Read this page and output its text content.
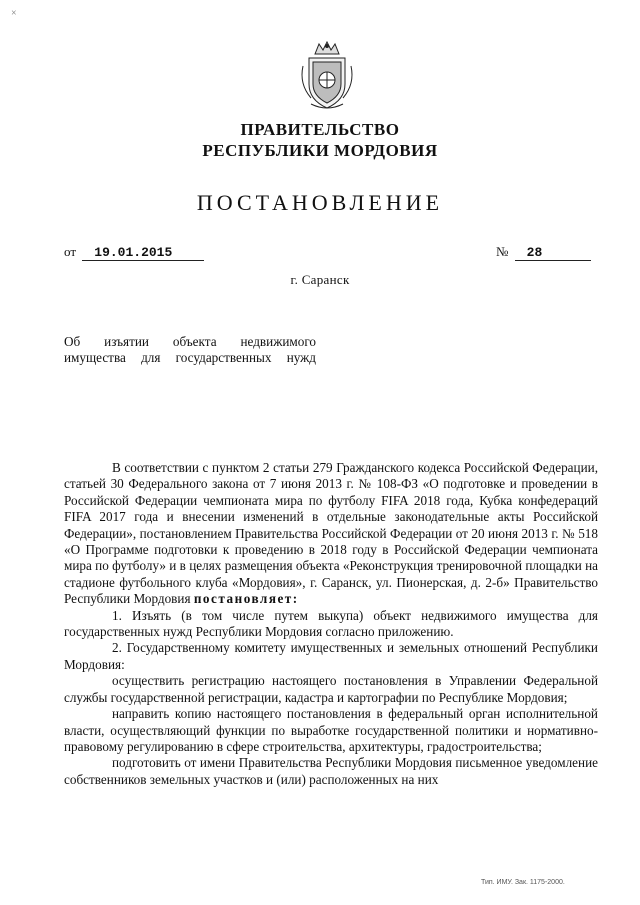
×
ПРАВИТЕЛЬСТВО
РЕСПУБЛИКИ МОРДОВИЯ
ПОСТАНОВЛЕНИЕ
от 19.01.2015	№ 28
г. Саранск
Об изъятии объекта недвижимого имущества для государственных нужд

В соответствии с пунктом 2 статьи 279 Гражданского кодекса Российской Федерации, статьей 30 Федерального закона от 7 июня 2013 г. № 108-ФЗ «О подготовке и проведении в Российской Федерации чемпионата мира по футболу FIFA 2018 года, Кубка конфедераций FIFA 2017 года и внесении изменений в отдельные законодательные акты Российской Федерации», постановлением Правительства Российской Федерации от 20 июня 2013 г. № 518 «О Программе подготовки к проведению в 2018 году в Российской Федерации чемпионата мира по футболу» и в целях размещения объекта «Реконструкция тренировочной площадки на стадионе футбольного клуба «Мордовия», г. Саранск, ул. Пионерская, д. 2-б» Правительство Республики Мордовия постановляет:

1. Изъять (в том числе путем выкупа) объект недвижимого имущества для государственных нужд Республики Мордовия согласно приложению.

2. Государственному комитету имущественных и земельных отношений Республики Мордовия:

осуществить регистрацию настоящего постановления в Управлении Федеральной службы государственной регистрации, кадастра и картографии по Республике Мордовия;

направить копию настоящего постановления в федеральный орган исполнительной власти, осуществляющий функции по выработке государственной политики и нормативно-правовому регулированию в сфере строительства, архитектуры, градостроительства;

подготовить от имени Правительства Республики Мордовия письменное уведомление собственников земельных участков и (или) расположенных на них

Тип. ИМУ. Зак. 1175-2000.
